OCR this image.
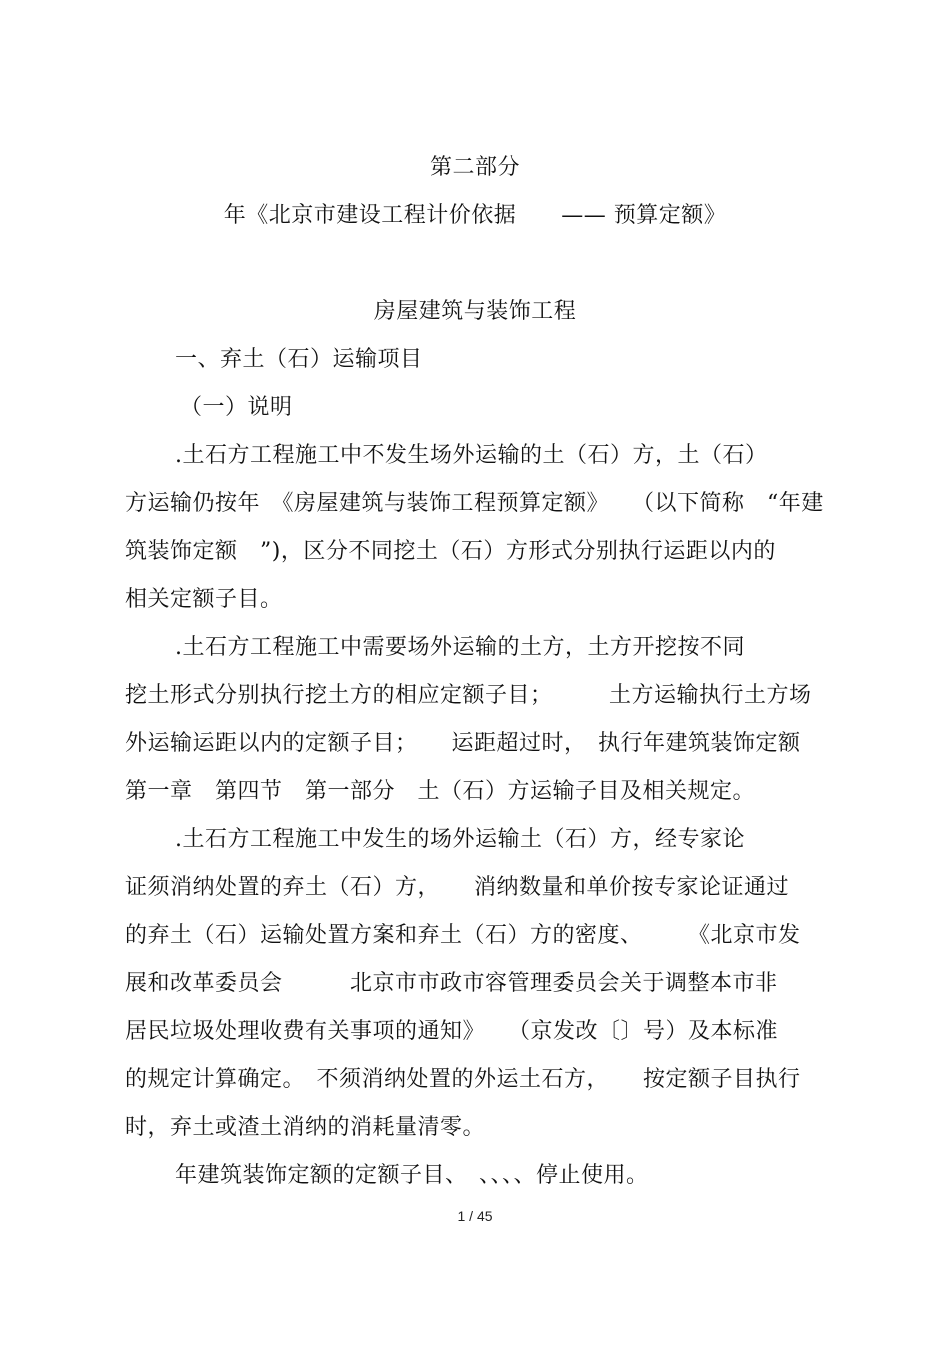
第二部分
年《北京市建设工程计价依据　　—— 预算定额》
房屋建筑与装饰工程
一、弃土（石）运输项目
（一）说明
.土石方工程施工中不发生场外运输的土（石）方，土（石）
方运输仍按年　《房屋建筑与装饰工程预算定额》　　（以下简称　“年建
筑装饰定额　”)，区分不同挖土（石）方形式分别执行运距以内的
相关定额子目。
.土石方工程施工中需要场外运输的土方，土方开挖按不同
挖土形式分别执行挖土方的相应定额子目；　　　土方运输执行土方场
外运输运距以内的定额子目；　　运距超过时，　执行年建筑装饰定额
第一章　第四节　第一部分　土（石）方运输子目及相关规定。
.土石方工程施工中发生的场外运输土（石）方，经专家论
证须消纳处置的弃土（石）方，　　消纳数量和单价按专家论证通过
的弃土（石）运输处置方案和弃土（石）方的密度、　　　《北京市发
展和改革委员会　　　北京市市政市容管理委员会关于调整本市非
居民垃圾处理收费有关事项的通知》　　（京发改〔〕号）及本标准
的规定计算确定。　不须消纳处置的外运土石方，　　按定额子目执行
时，弃土或渣土消纳的消耗量清零。
年建筑装饰定额的定额子目、　、、、、停止使用。
1 / 45
